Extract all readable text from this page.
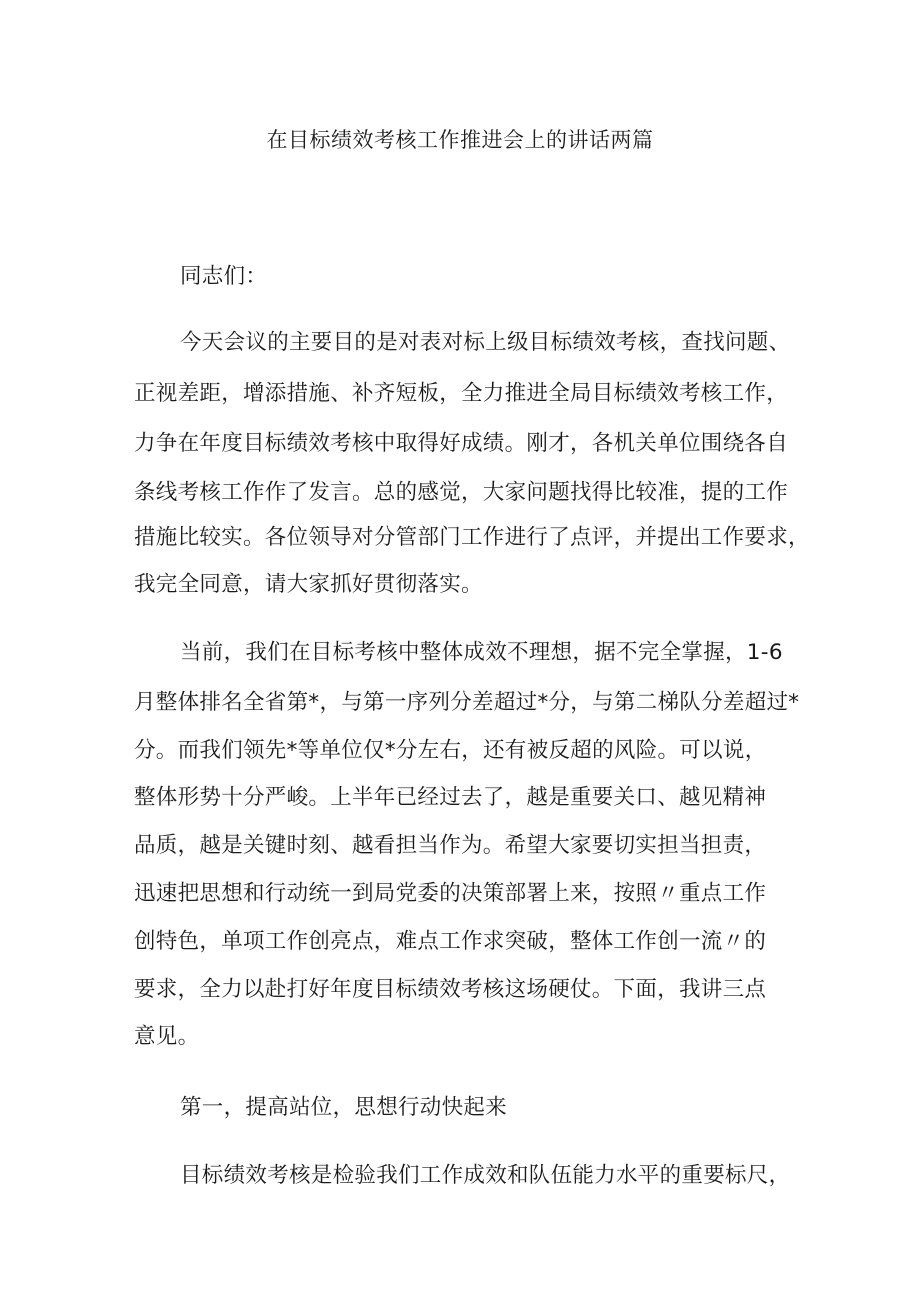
在目标绩效考核工作推进会上的讲话两篇
同志们：
今天会议的主要目的是对表对标上级目标绩效考核，查找问题、
正视差距，增添措施、补齐短板，全力推进全局目标绩效考核工作，
力争在年度目标绩效考核中取得好成绩。刚才，各机关单位围绕各自
条线考核工作作了发言。总的感觉，大家问题找得比较准，提的工作
措施比较实。各位领导对分管部门工作进行了点评，并提出工作要求，
我完全同意，请大家抓好贯彻落实。
当前，我们在目标考核中整体成效不理想，据不完全掌握，1-6
月整体排名全省第*，与第一序列分差超过*分，与第二梯队分差超过*
分。而我们领先*等单位仅*分左右，还有被反超的风险。可以说，
整体形势十分严峻。上半年已经过去了，越是重要关口、越见精神
品质，越是关键时刻、越看担当作为。希望大家要切实担当担责，
迅速把思想和行动统一到局党委的决策部署上来，按照〃重点工作
创特色，单项工作创亮点，难点工作求突破，整体工作创一流〃的
要求，全力以赴打好年度目标绩效考核这场硬仗。下面，我讲三点
意见。
第一，提高站位，思想行动快起来
目标绩效考核是检验我们工作成效和队伍能力水平的重要标尺，
